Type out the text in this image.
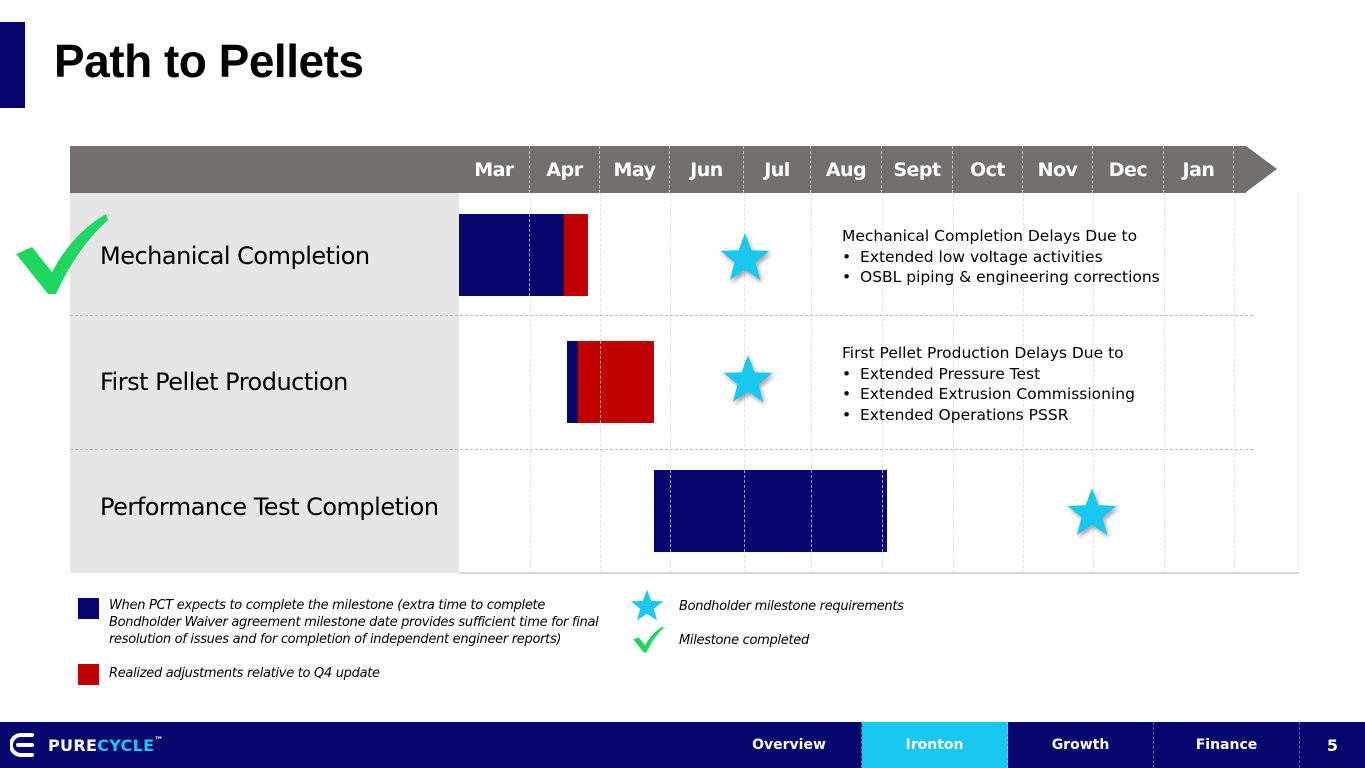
Path to Pellets
Mar	Apr	May	Jun	Jul	Aug	Sept	Oct	Nov	Dec	Jan
Mechanical Completion
First Pellet Production
Performance Test Completion
Mechanical Completion Delays Due to
• Extended low voltage activities
• OSBL piping & engineering corrections
First Pellet Production Delays Due to
• Extended Pressure Test
• Extended Extrusion Commissioning
• Extended Operations PSSR
When PCT expects to complete the milestone (extra time to complete Bondholder Waiver agreement milestone date provides sufficient time for final resolution of issues and for completion of independent engineer reports)
Realized adjustments relative to Q4 update
Bondholder milestone requirements
Milestone completed
PURECYCLE™	Overview	Ironton	Growth	Finance	5
